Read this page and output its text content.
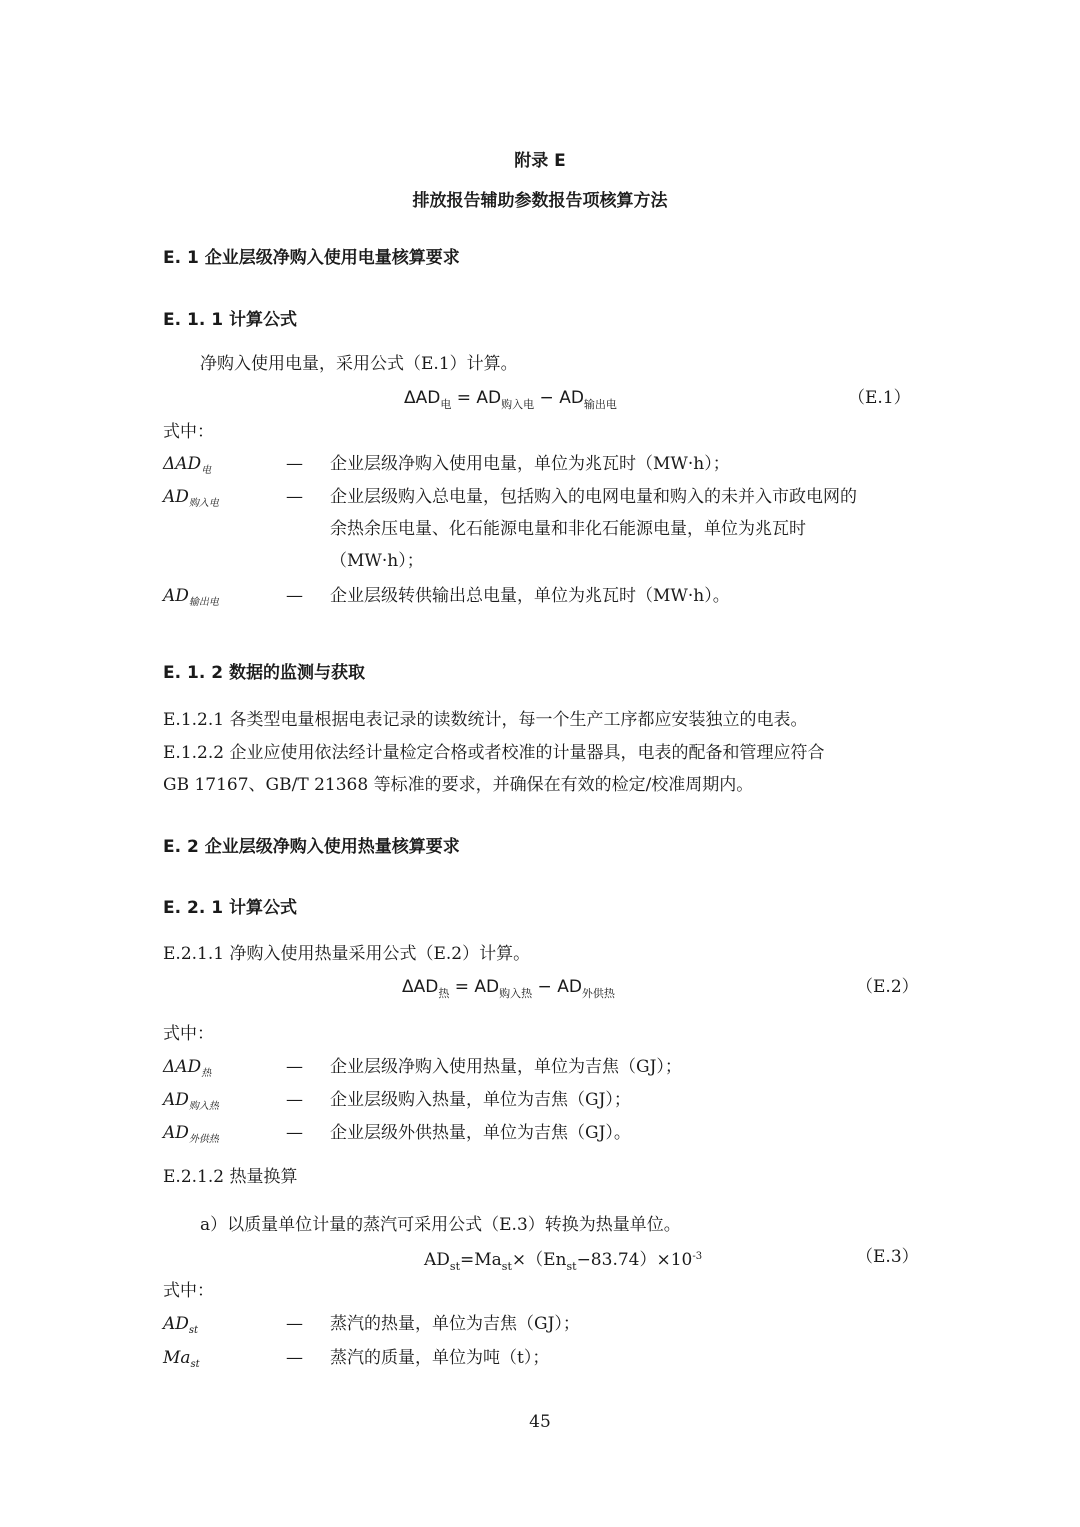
附录 E
排放报告辅助参数报告项核算方法
E. 1 企业层级净购入使用电量核算要求
E. 1. 1 计算公式
净购入使用电量，采用公式（E.1）计算。
$\Delta AD_电 = AD_{购入电} - AD_{输出电}$	（E.1）
式中：
$\Delta AD_电$	— 企业层级净购入使用电量，单位为兆瓦时（MW·h）；
$AD_{购入电}$	— 企业层级购入总电量，包括购入的电网电量和购入的未并入市政电网的
余热余压电量、化石能源电量和非化石能源电量，单位为兆瓦时
（MW·h）；
$AD_{输出电}$	— 企业层级转供输出总电量，单位为兆瓦时（MW·h）。
E. 1. 2 数据的监测与获取
E.1.2.1 各类型电量根据电表记录的读数统计，每一个生产工序都应安装独立的电表。
E.1.2.2 企业应使用依法经计量检定合格或者校准的计量器具，电表的配备和管理应符合
GB 17167、GB/T 21368 等标准的要求，并确保在有效的检定/校准周期内。
E. 2 企业层级净购入使用热量核算要求
E. 2. 1 计算公式
E.2.1.1 净购入使用热量采用公式（E.2）计算。
$\Delta AD_热 = AD_{购入热} - AD_{外供热}$	（E.2）
式中：
$\Delta AD_热$	— 企业层级净购入使用热量，单位为吉焦（GJ）；
$AD_{购入热}$	— 企业层级购入热量，单位为吉焦（GJ）；
$AD_{外供热}$	— 企业层级外供热量，单位为吉焦（GJ）。
E.2.1.2 热量换算
a）以质量单位计量的蒸汽可采用公式（E.3）转换为热量单位。
$AD_{st}=Ma_{st}\times(En_{st}-83.74)\times 10^{-3}$	（E.3）
式中：
$AD_{st}$	— 蒸汽的热量，单位为吉焦（GJ）；
$Ma_{st}$	— 蒸汽的质量，单位为吨（t）；
45
